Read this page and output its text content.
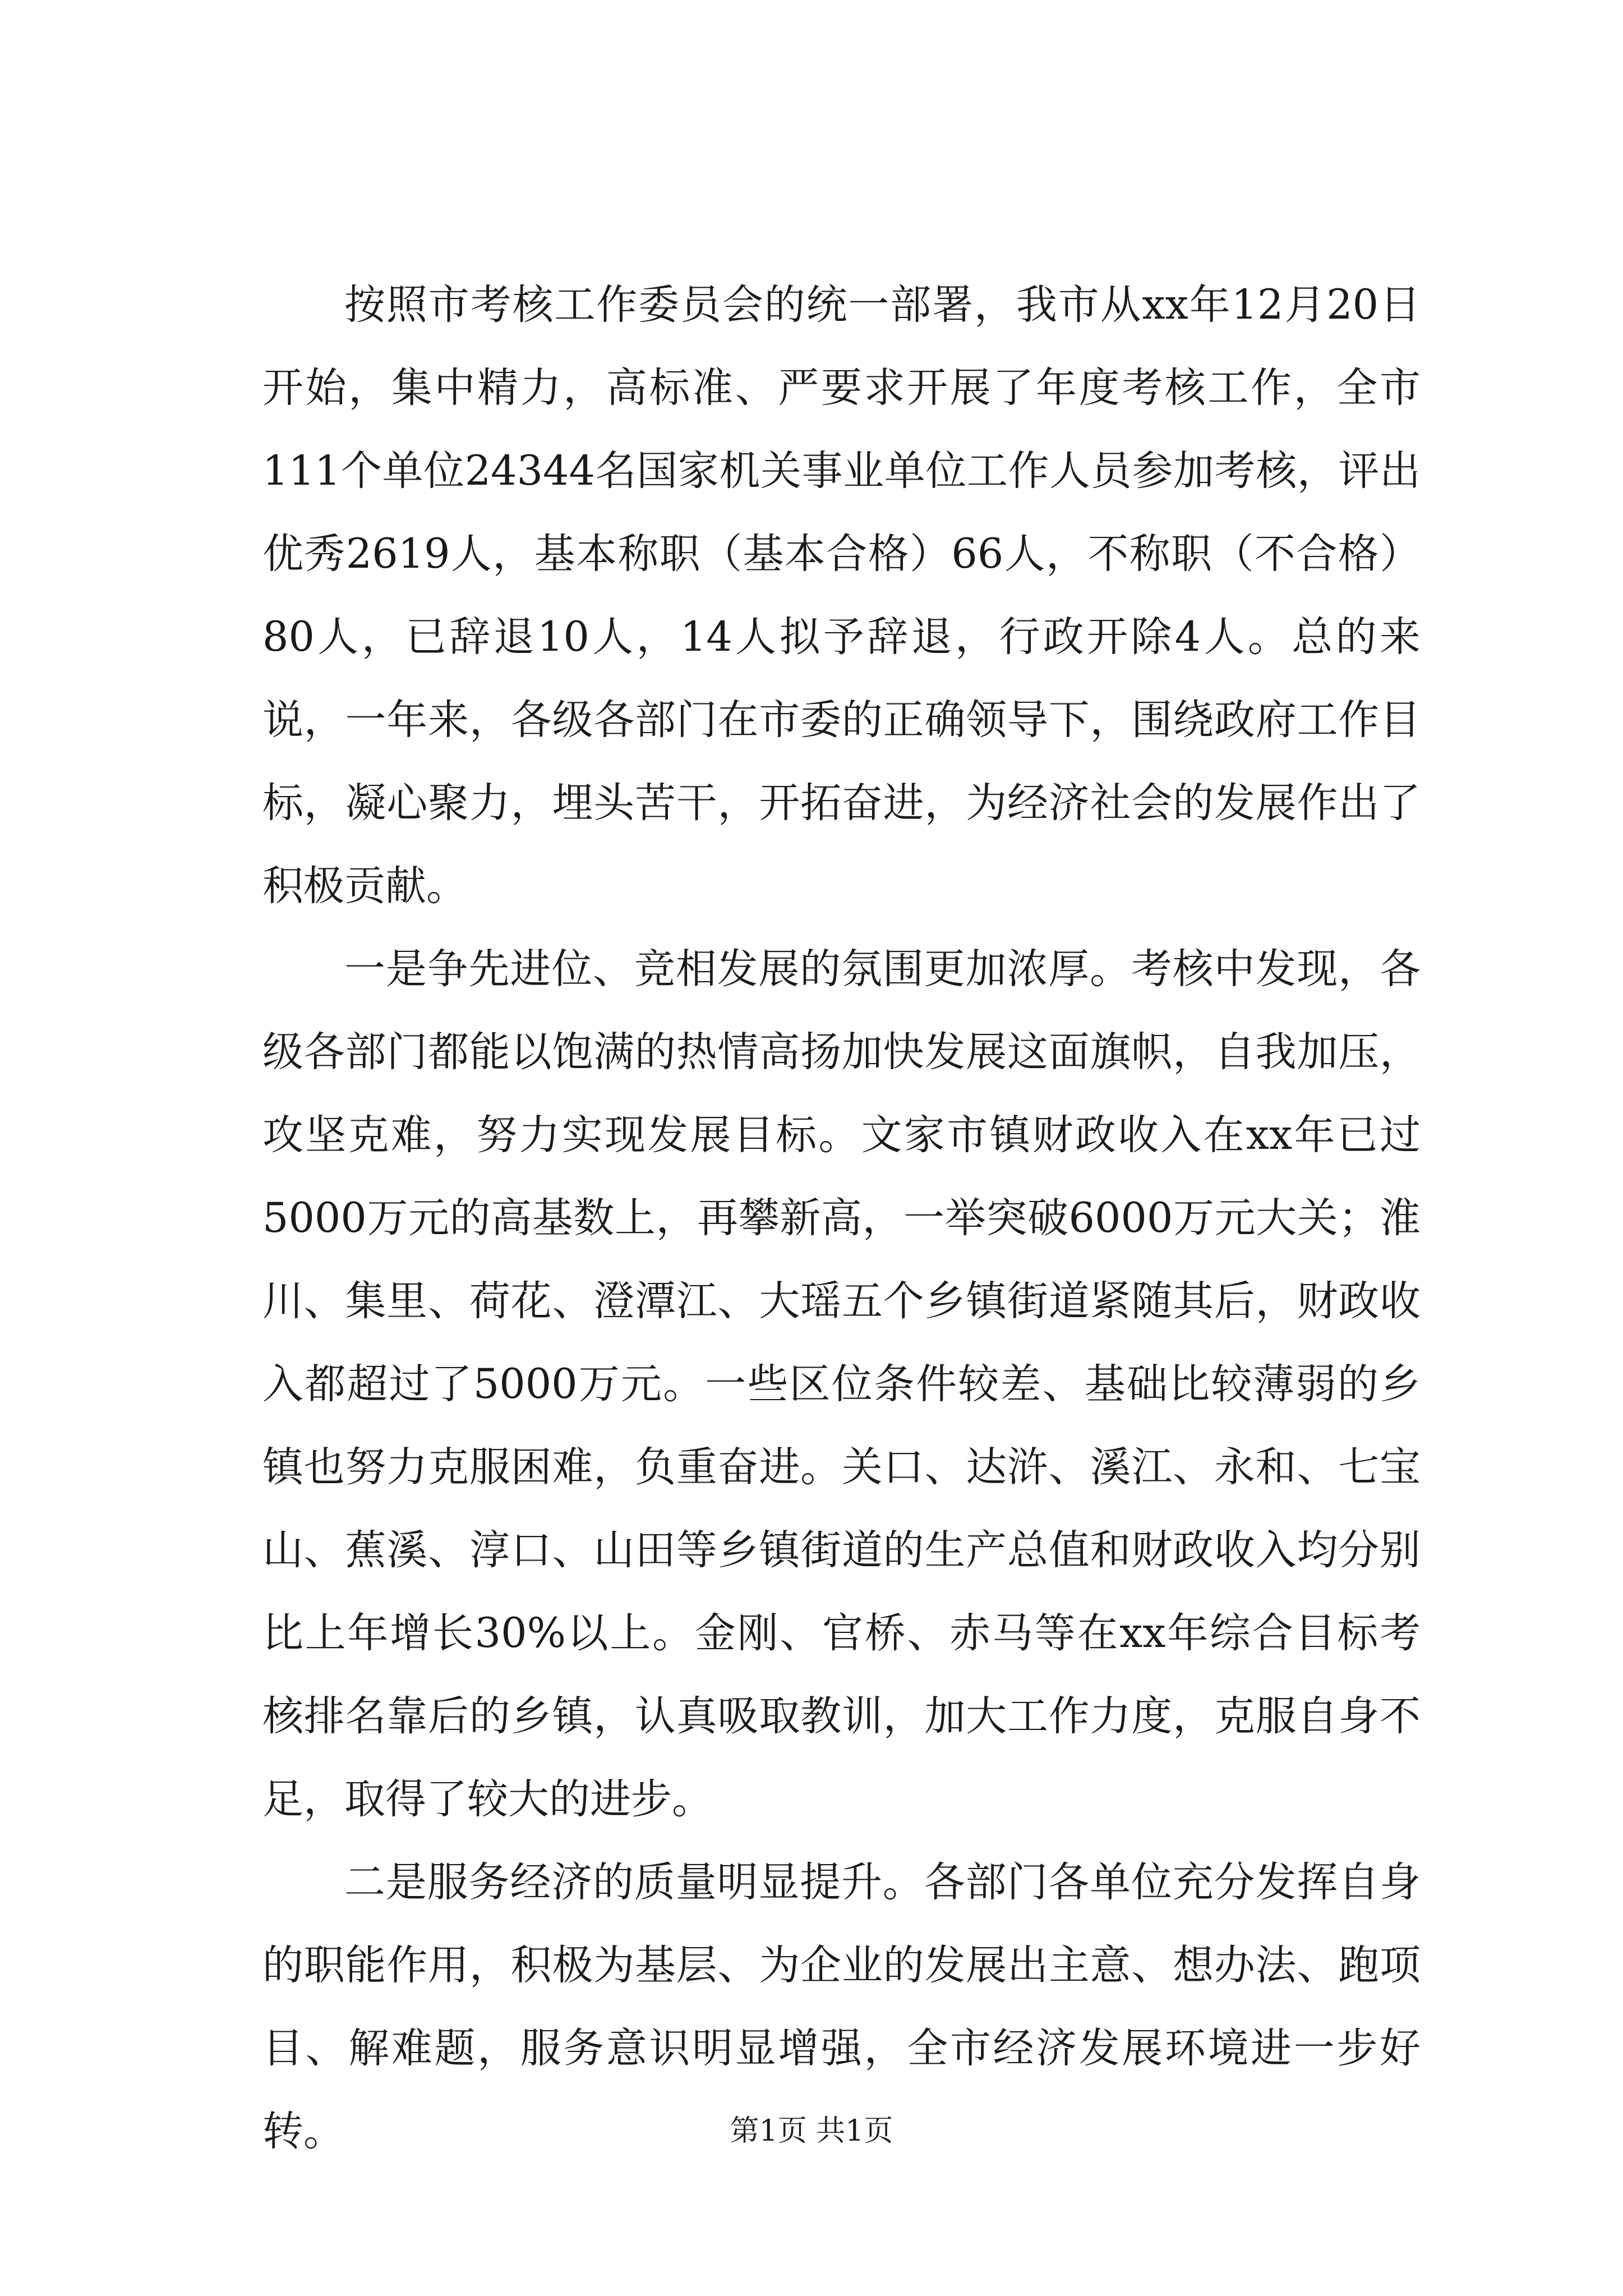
按照市考核工作委员会的统一部署，我市从xx年12月20日开始，集中精力，高标准、严要求开展了年度考核工作，全市111个单位24344名国家机关事业单位工作人员参加考核，评出优秀2619人，基本称职（基本合格）66人，不称职（不合格）80人，已辞退10人，14人拟予辞退，行政开除4人。总的来说，一年来，各级各部门在市委的正确领导下，围绕政府工作目标，凝心聚力，埋头苦干，开拓奋进，为经济社会的发展作出了积极贡献。

一是争先进位、竞相发展的氛围更加浓厚。考核中发现，各级各部门都能以饱满的热情高扬加快发展这面旗帜，自我加压，攻坚克难，努力实现发展目标。文家市镇财政收入在xx年已过5000万元的高基数上，再攀新高，一举突破6000万元大关；淮川、集里、荷花、澄潭江、大瑶五个乡镇街道紧随其后，财政收入都超过了5000万元。一些区位条件较差、基础比较薄弱的乡镇也努力克服困难，负重奋进。关口、达浒、溪江、永和、七宝山、蕉溪、淳口、山田等乡镇街道的生产总值和财政收入均分别比上年增长30%以上。金刚、官桥、赤马等在xx年综合目标考核排名靠后的乡镇，认真吸取教训，加大工作力度，克服自身不足，取得了较大的进步。

二是服务经济的质量明显提升。各部门各单位充分发挥自身的职能作用，积极为基层、为企业的发展出主意、想办法、跑项目、解难题，服务意识明显增强，全市经济发展环境进一步好转。	第1页 共1页
